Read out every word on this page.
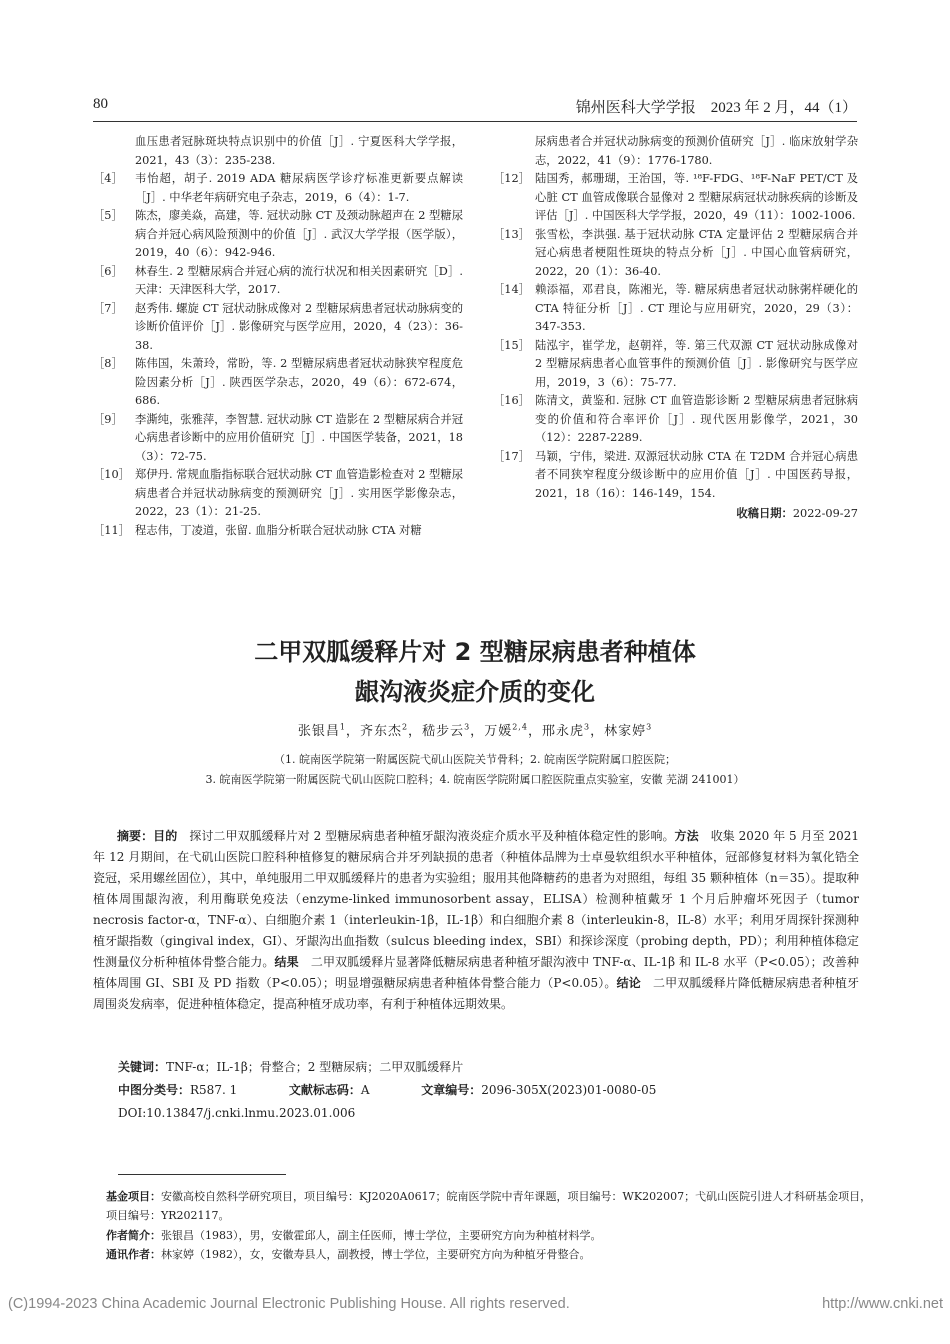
80	锦州医科大学学报　2023 年 2 月，44（1）
血压患者冠脉斑块特点识别中的价值［J］. 宁夏医科大学学报，2021，43（3）：235-238.
［4］	韦怡超，胡子. 2019 ADA 糖尿病医学诊疗标准更新要点解读［J］. 中华老年病研究电子杂志，2019，6（4）：1-7.
［5］	陈杰，廖美焱，高建，等. 冠状动脉 CT 及颈动脉超声在 2 型糖尿病合并冠心病风险预测中的价值［J］. 武汉大学学报（医学版），2019，40（6）：942-946.
［6］	林春生. 2 型糖尿病合并冠心病的流行状况和相关因素研究［D］. 天津：天津医科大学，2017.
［7］	赵秀伟. 螺旋 CT 冠状动脉成像对 2 型糖尿病患者冠状动脉病变的诊断价值评价［J］. 影像研究与医学应用，2020，4（23）：36-38.
［8］	陈伟国，朱萧玲，常盼，等. 2 型糖尿病患者冠状动脉狭窄程度危险因素分析［J］. 陕西医学杂志，2020，49（6）：672-674，686.
［9］	李澌纯，张雅萍，李智慧. 冠状动脉 CT 造影在 2 型糖尿病合并冠心病患者诊断中的应用价值研究［J］. 中国医学装备，2021，18（3）：72-75.
［10］ 郑伊丹. 常规血脂指标联合冠状动脉 CT 血管造影检查对 2 型糖尿病患者合并冠状动脉病变的预测研究［J］. 实用医学影像杂志，2022，23（1）：21-25.
［11］ 程志伟，丁凌道，张留. 血脂分析联合冠状动脉 CTA 对糖
尿病患者合并冠状动脉病变的预测价值研究［J］. 临床放射学杂志，2022，41（9）：1776-1780.
［12］ 陆国秀，郝珊瑚，王治国，等. ¹⁸F-FDG、¹⁸F-NaF PET/CT 及心脏 CT 血管成像联合显像对 2 型糖尿病冠状动脉疾病的诊断及评估［J］. 中国医科大学学报，2020，49（11）：1002-1006.
［13］ 张雪松，李洪强. 基于冠状动脉 CTA 定量评估 2 型糖尿病合并冠心病患者梗阻性斑块的特点分析［J］. 中国心血管病研究，2022，20（1）：36-40.
［14］ 赖添福，邓君良，陈湘光，等. 糖尿病患者冠状动脉粥样硬化的 CTA 特征分析［J］. CT 理论与应用研究，2020，29（3）：347-353.
［15］ 陆泓宇，崔学龙，赵朝祥，等. 第三代双源 CT 冠状动脉成像对 2 型糖尿病患者心血管事件的预测价值［J］. 影像研究与医学应用，2019，3（6）：75-77.
［16］ 陈清文，黄鉴和. 冠脉 CT 血管造影诊断 2 型糖尿病患者冠脉病变的价值和符合率评价［J］. 现代医用影像学，2021，30（12）：2287-2289.
［17］ 马颖，宁伟，梁进. 双源冠状动脉 CTA 在 T2DM 合并冠心病患者不同狭窄程度分级诊断中的应用价值［J］. 中国医药导报，2021，18（16）：146-149，154.
收稿日期：2022-09-27
二甲双胍缓释片对 2 型糖尿病患者种植体
龈沟液炎症介质的变化
张银昌$^1$，齐东杰$^2$，嵇步云$^3$，万媛$^{2,4}$，邢永虎$^3$，林家婷$^3$
（1. 皖南医学院第一附属医院弋矶山医院关节骨科；2. 皖南医学院附属口腔医院；
3. 皖南医学院第一附属医院弋矶山医院口腔科；4. 皖南医学院附属口腔医院重点实验室，安徽 芜湖 241001）
摘要：目的　 探讨二甲双胍缓释片对 2 型糖尿病患者种植牙龈沟液炎症介质水平及种植体稳定性的影响。方法　 收集 2020 年 5 月至 2021 年 12 月期间，在弋矶山医院口腔科种植修复的糖尿病合并牙列缺损的患者（种植体品牌为士卓曼软组织水平种植体，冠部修复材料为氧化锆全瓷冠，采用螺丝固位），其中，单纯服用二甲双胍缓释片的患者为实验组；服用其他降糖药的患者为对照组，每组 35 颗种植体（n＝35）。提取种植体周围龈沟液，利用酶联免疫法（enzyme-linked immunosorbent assay，ELISA）检测种植戴牙 1 个月后肿瘤坏死因子（tumor necrosis factor-α，TNF-α）、白细胞介素 1（interleukin-1β，IL-1β）和白细胞介素 8（interleukin-8，IL-8）水平；利用牙周探针探测种植牙龈指数（gingival index，GI）、牙龈沟出血指数（sulcus bleeding index，SBI）和探诊深度（probing depth，PD）；利用种植体稳定性测量仪分析种植体骨整合能力。结果　 二甲双胍缓释片显著降低糖尿病患者种植牙龈沟液中 TNF-α、IL-1β 和 IL-8 水平（P<0.05）；改善种植体周围 GI、SBI 及 PD 指数（P<0.05）；明显增强糖尿病患者种植体骨整合能力（P<0.05）。结论　 二甲双胍缓释片降低糖尿病患者种植牙周围炎发病率，促进种植体稳定，提高种植牙成功率，有利于种植体远期效果。
关键词：TNF-α；IL-1β；骨整合；2 型糖尿病；二甲双胍缓释片
中图分类号：R587. 1	文献标志码：A	文章编号：2096-305X(2023)01-0080-05
DOI:10.13847/j.cnki.lnmu.2023.01.006
基金项目：安徽高校自然科学研究项目，项目编号：KJ2020A0617；皖南医学院中青年课题，项目编号：WK202007；弋矶山医院引进人才科研基金项目，项目编号：YR202117。
作者简介：张银昌（1983），男，安徽霍邱人，副主任医师，博士学位，主要研究方向为种植材料学。
通讯作者：林家婷（1982），女，安徽寿县人，副教授，博士学位，主要研究方向为种植牙骨整合。
(C)1994-2023 China Academic Journal Electronic Publishing House. All rights reserved.	http://www.cnki.net
